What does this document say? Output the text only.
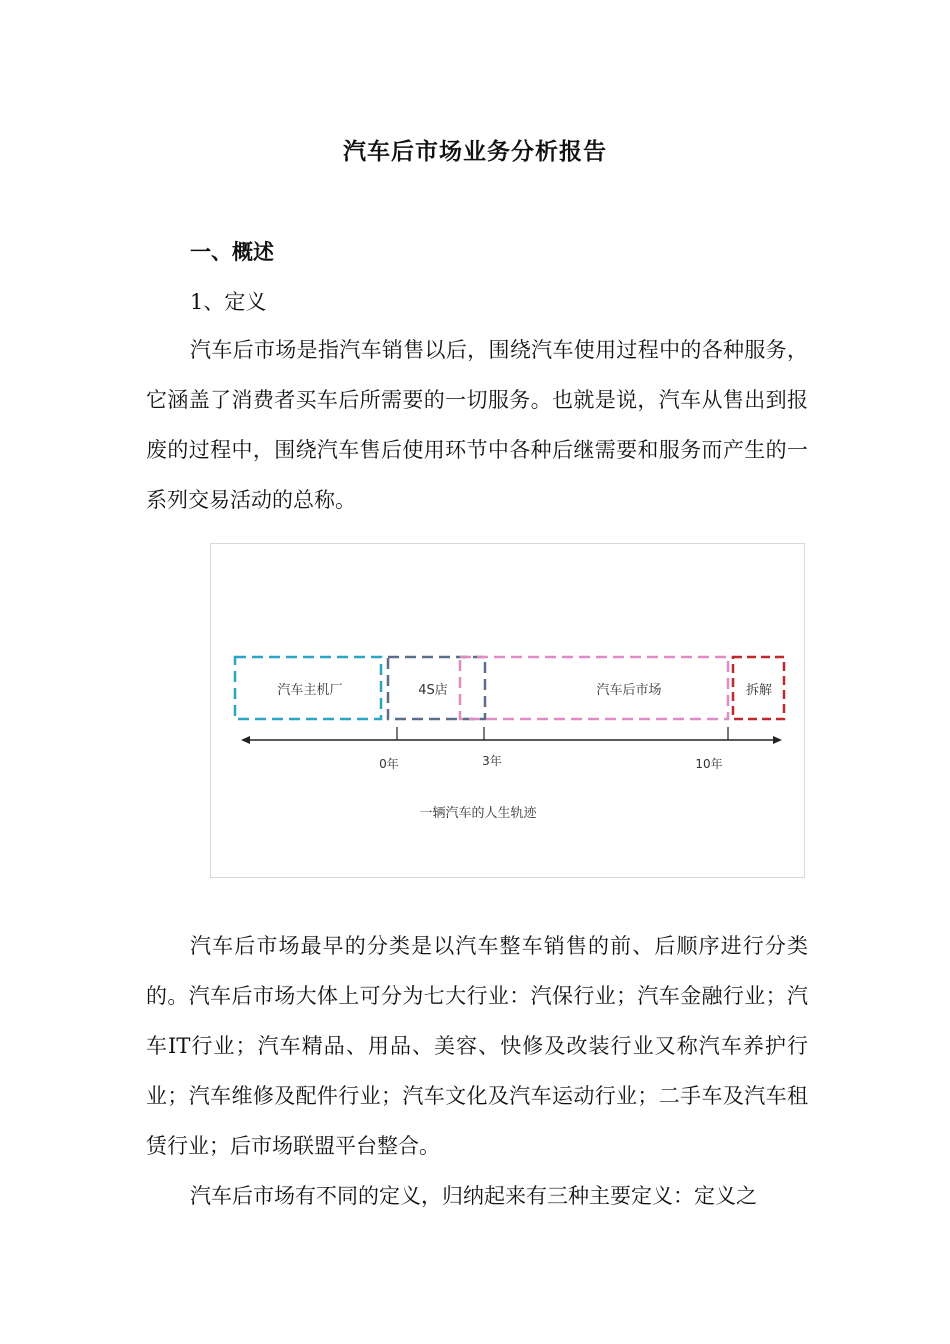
汽车后市场业务分析报告
一、概述
1、定义

汽车后市场是指汽车销售以后，围绕汽车使用过程中的各种服务，它涵盖了消费者买车后所需要的一切服务。也就是说，汽车从售出到报废的过程中，围绕汽车售后使用环节中各种后继需要和服务而产生的一系列交易活动的总称。

汽车主机厂	4S店	汽车后市场	拆解
0年	3年	10年
一辆汽车的人生轨迹

汽车后市场最早的分类是以汽车整车销售的前、后顺序进行分类的。汽车后市场大体上可分为七大行业：汽保行业；汽车金融行业；汽车IT行业；汽车精品、用品、美容、快修及改装行业又称汽车养护行业；汽车维修及配件行业；汽车文化及汽车运动行业；二手车及汽车租赁行业；后市场联盟平台整合。

汽车后市场有不同的定义，归纳起来有三种主要定义：定义之
